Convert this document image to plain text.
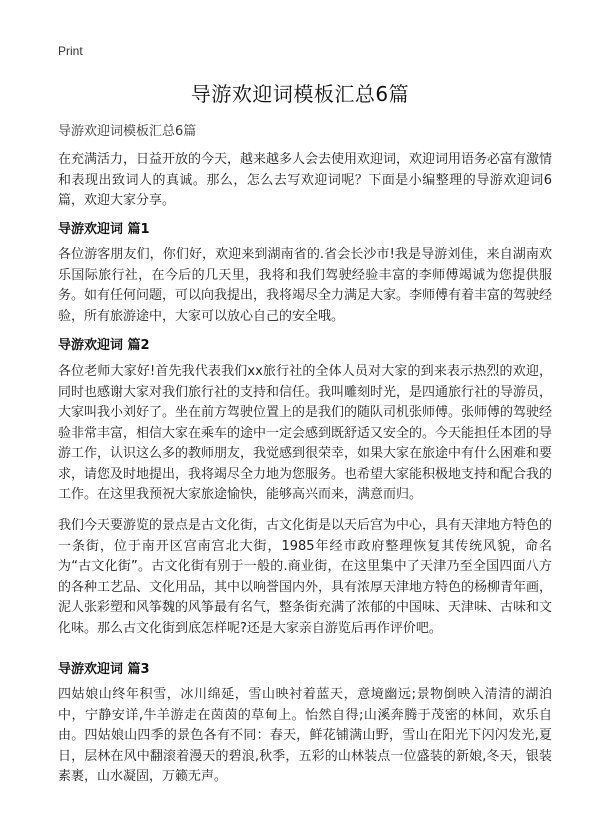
Print
导游欢迎词模板汇总6篇
导游欢迎词模板汇总6篇

在充满活力，日益开放的今天，越来越多人会去使用欢迎词，欢迎词用语务必富有激情和表现出致词人的真诚。那么，怎么去写欢迎词呢？下面是小编整理的导游欢迎词6篇，欢迎大家分享。

导游欢迎词 篇1

各位游客朋友们，你们好，欢迎来到湖南省的.省会长沙市!我是导游刘佳，来自湖南欢乐国际旅行社，在今后的几天里，我将和我们驾驶经验丰富的李师傅竭诚为您提供服务。如有任何问题，可以向我提出，我将竭尽全力满足大家。李师傅有着丰富的驾驶经验，所有旅游途中，大家可以放心自己的安全哦。

导游欢迎词 篇2

各位老师大家好!首先我代表我们xx旅行社的全体人员对大家的到来表示热烈的欢迎，同时也感谢大家对我们旅行社的支持和信任。我叫雕刻时光，是四通旅行社的导游员，大家叫我小刘好了。坐在前方驾驶位置上的是我们的随队司机张师傅。张师傅的驾驶经验非常丰富，相信大家在乘车的途中一定会感到既舒适又安全的。今天能担任本团的导游工作，认识这么多的教师朋友，我觉感到很荣幸，如果大家在旅途中有什么困难和要求，请您及时地提出，我将竭尽全力地为您服务。也希望大家能积极地支持和配合我的工作。在这里我预祝大家旅途愉快，能够高兴而来，满意而归。

我们今天要游览的景点是古文化街，古文化街是以天后宫为中心，具有天津地方特色的一条街，位于南开区宫南宫北大街，1985年经市政府整理恢复其传统风貌，命名为“古文化街”。古文化街有别于一般的.商业街，在这里集中了天津乃至全国四面八方的各种工艺品、文化用品，其中以响誉国内外，具有浓厚天津地方特色的杨柳青年画，泥人张彩塑和风筝魏的风筝最有名气，整条街充满了浓郁的中国味、天津味、古味和文化味。那么古文化街到底怎样呢?还是大家亲自游览后再作评价吧。

导游欢迎词 篇3

四姑娘山终年积雪，冰川绵延，雪山映衬着蓝天，意境幽远;景物倒映入清清的湖泊中，宁静安详,牛羊游走在茵茵的草甸上。怡然自得;山溪奔腾于茂密的林间，欢乐自由。四姑娘山四季的景色各有不同：春天，鲜花铺满山野，雪山在阳光下闪闪发光,夏日，层林在风中翻滚着漫天的碧浪,秋季，五彩的山林装点一位盛装的新娘,冬天，银装素裹，山水凝固，万籁无声。
